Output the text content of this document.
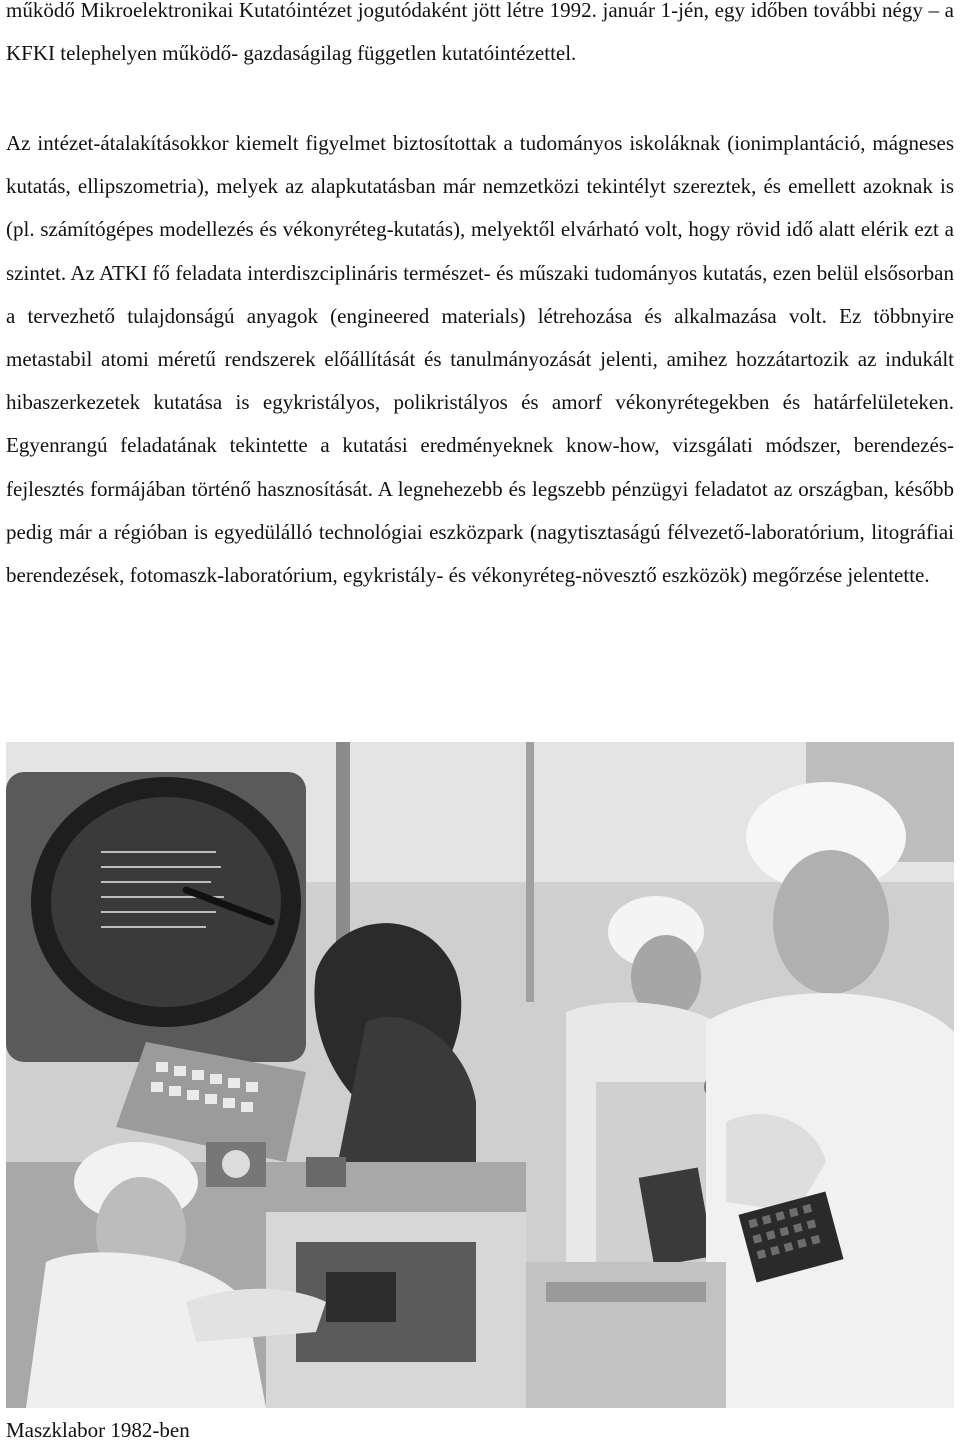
működő Mikroelektronikai Kutatóintézet jogutódaként jött létre 1992. január 1-jén, egy időben további négy – a KFKI telephelyen működő- gazdaságilag független kutatóintézettel.

Az intézet-átalakításokkor kiemelt figyelmet biztosítottak a tudományos iskoláknak (ionimplantáció, mágneses kutatás, ellipszometria), melyek az alapkutatásban már nemzetközi tekintélyt szereztek, és emellett azoknak is (pl. számítógépes modellezés és vékonyréteg-kutatás), melyektől elvárható volt, hogy rövid idő alatt elérik ezt a szintet. Az ATKI fő feladata interdiszciplináris természet- és műszaki tudományos kutatás, ezen belül elsősorban a tervezhető tulajdonságú anyagok (engineered materials) létrehozása és alkalmazása volt. Ez többnyire metastabil atomi méretű rendszerek előállítását és tanulmányozását jelenti, amihez hozzátartozik az indukált hibaszerkezetek kutatása is egykristályos, polikristályos és amorf vékonyrétegekben és határfelületeken. Egyenrangú feladatának tekintette a kutatási eredményeknek know-how, vizsgálati módszer, berendezés-fejlesztés formájában történő hasznosítását. A legnehezebb és legszebb pénzügyi feladatot az országban, később pedig már a régióban is egyedülálló technológiai eszközpark (nagytisztaságú félvezető-laboratórium, litográfiai berendezések, fotomaszk-laboratórium, egykristály- és vékonyréteg-növesztő eszközök) megőrzése jelentette.

Maszklabor 1982-ben
